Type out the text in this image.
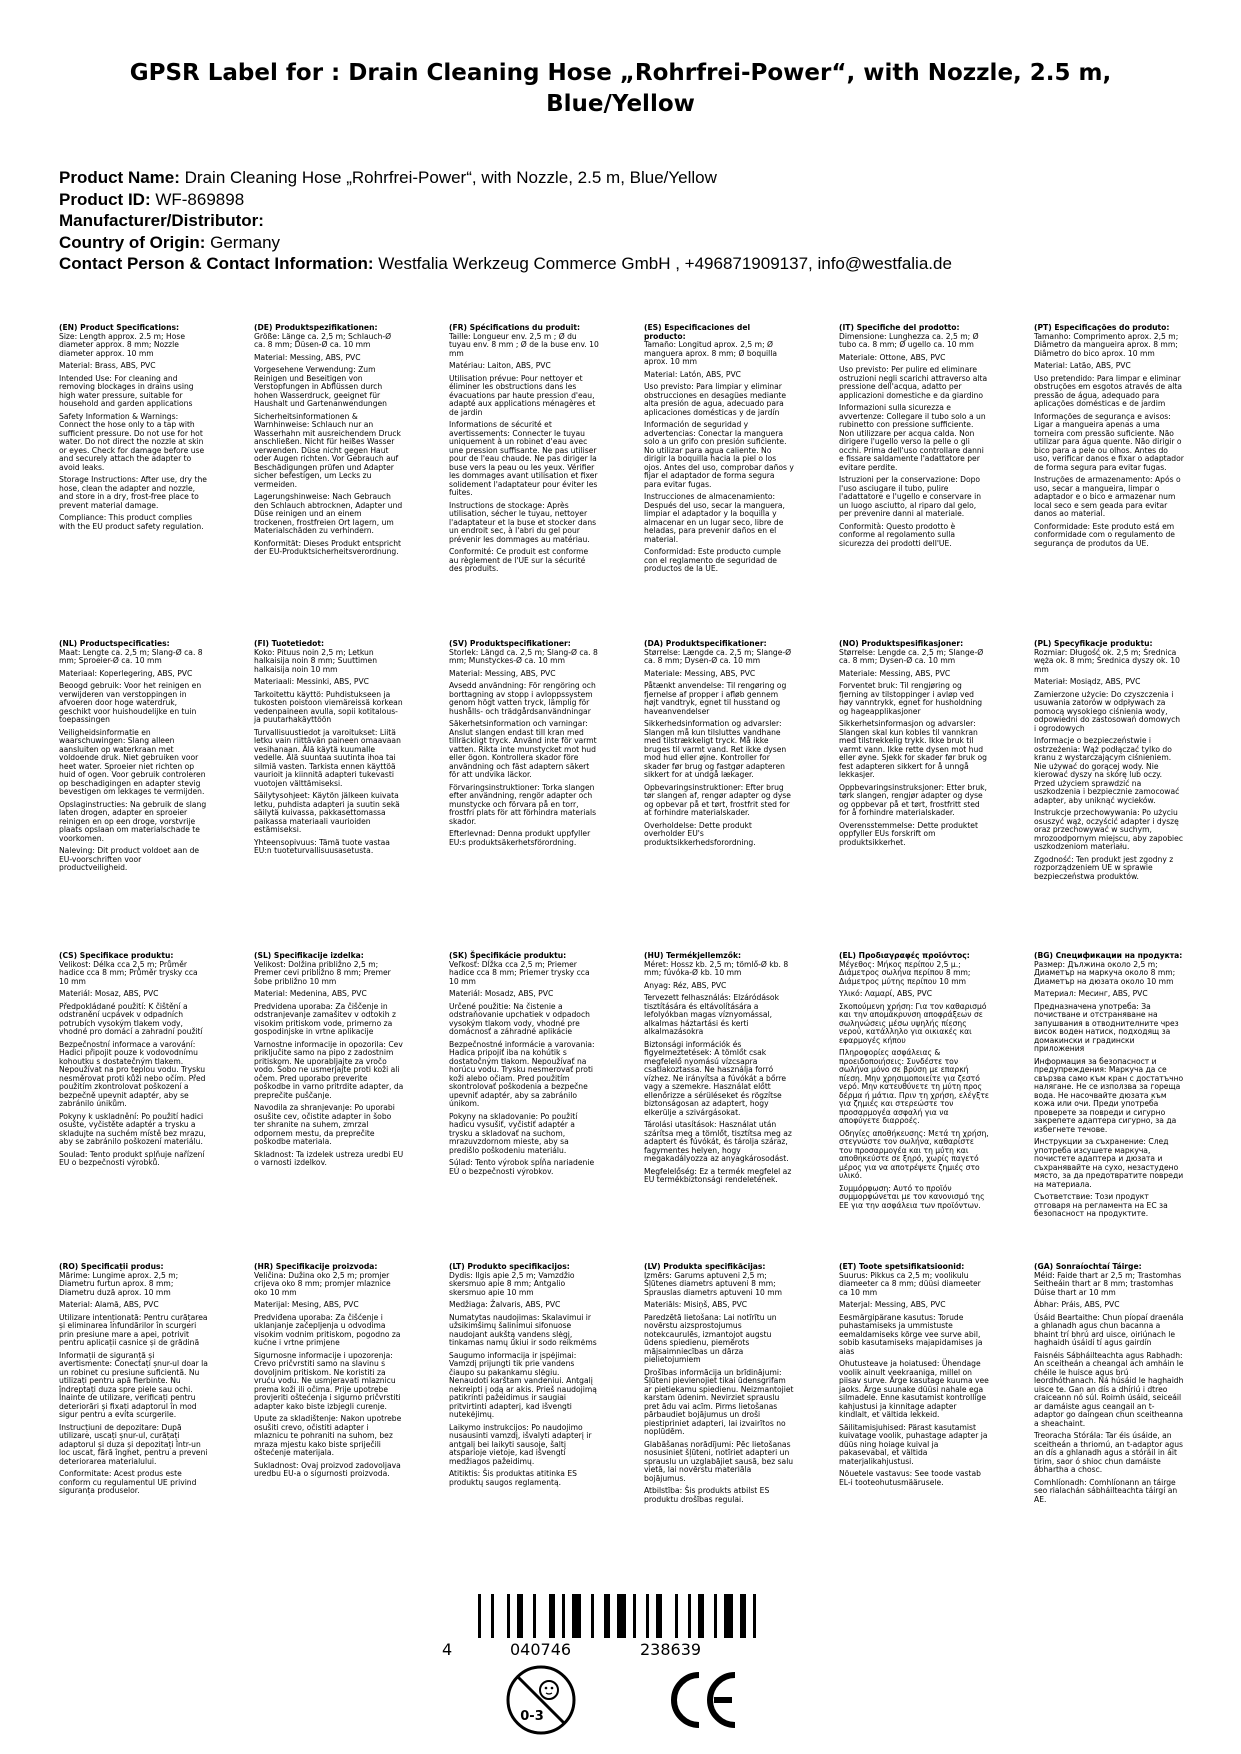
GPSR Label for : Drain Cleaning Hose „Rohrfrei-Power“, with Nozzle, 2.5 m, Blue/Yellow
Product Name: Drain Cleaning Hose „Rohrfrei-Power“, with Nozzle, 2.5 m, Blue/Yellow
Product ID: WF-869898
Manufacturer/Distributor:
Country of Origin: Germany
Contact Person & Contact Information: Westfalia Werkzeug Commerce GmbH , +496871909137, info@westfalia.de
(EN) Product Specifications:

Size: Length approx. 2.5 m; Hose diameter approx. 8 mm; Nozzle diameter approx. 10 mm

Material: Brass, ABS, PVC

Intended Use: For cleaning and removing blockages in drains using high water pressure, suitable for household and garden applications

Safety Information & Warnings: Connect the hose only to a tap with sufficient pressure. Do not use for hot water. Do not direct the nozzle at skin or eyes. Check for damage before use and securely attach the adapter to avoid leaks.

Storage Instructions: After use, dry the hose, clean the adapter and nozzle, and store in a dry, frost-free place to prevent material damage.

Compliance: This product complies with the EU product safety regulation.

(DE) Produktspezifikationen:

Größe: Länge ca. 2,5 m; Schlauch-Ø ca. 8 mm; Düsen-Ø ca. 10 mm

Material: Messing, ABS, PVC

Vorgesehene Verwendung: Zum Reinigen und Beseitigen von Verstopfungen in Abflüssen durch hohen Wasserdruck, geeignet für Haushalt und Gartenanwendungen

Sicherheitsinformationen & Warnhinweise: Schlauch nur an Wasserhahn mit ausreichendem Druck anschließen. Nicht für heißes Wasser verwenden. Düse nicht gegen Haut oder Augen richten. Vor Gebrauch auf Beschädigungen prüfen und Adapter sicher befestigen, um Lecks zu vermeiden.

Lagerungshinweise: Nach Gebrauch den Schlauch abtrocknen, Adapter und Düse reinigen und an einem trockenen, frostfreien Ort lagern, um Materialschäden zu verhindern.

Konformität: Dieses Produkt entspricht der EU-Produktsicherheitsverordnung.

(FR) Spécifications du produit:

Taille: Longueur env. 2,5 m ; Ø du tuyau env. 8 mm ; Ø de la buse env. 10 mm

Matériau: Laiton, ABS, PVC

Utilisation prévue: Pour nettoyer et éliminer les obstructions dans les évacuations par haute pression d'eau, adapté aux applications ménagères et de jardin

Informations de sécurité et avertissements: Connecter le tuyau uniquement à un robinet d'eau avec une pression suffisante. Ne pas utiliser pour de l'eau chaude. Ne pas diriger la buse vers la peau ou les yeux. Vérifier les dommages avant utilisation et fixer solidement l'adaptateur pour éviter les fuites.

Instructions de stockage: Après utilisation, sécher le tuyau, nettoyer l'adaptateur et la buse et stocker dans un endroit sec, à l'abri du gel pour prévenir les dommages au matériau.

Conformité: Ce produit est conforme au règlement de l'UE sur la sécurité des produits.

(ES) Especificaciones del producto:

Tamaño: Longitud aprox. 2,5 m; Ø manguera aprox. 8 mm; Ø boquilla aprox. 10 mm

Material: Latón, ABS, PVC

Uso previsto: Para limpiar y eliminar obstrucciones en desagües mediante alta presión de agua, adecuado para aplicaciones domésticas y de jardín

Información de seguridad y advertencias: Conectar la manguera solo a un grifo con presión suficiente. No utilizar para agua caliente. No dirigir la boquilla hacia la piel o los ojos. Antes del uso, comprobar daños y fijar el adaptador de forma segura para evitar fugas.

Instrucciones de almacenamiento: Después del uso, secar la manguera, limpiar el adaptador y la boquilla y almacenar en un lugar seco, libre de heladas, para prevenir daños en el material.

Conformidad: Este producto cumple con el reglamento de seguridad de productos de la UE.

(IT) Specifiche del prodotto:

Dimensione: Lunghezza ca. 2,5 m; Ø tubo ca. 8 mm; Ø ugello ca. 10 mm

Materiale: Ottone, ABS, PVC

Uso previsto: Per pulire ed eliminare ostruzioni negli scarichi attraverso alta pressione dell'acqua, adatto per applicazioni domestiche e da giardino

Informazioni sulla sicurezza e avvertenze: Collegare il tubo solo a un rubinetto con pressione sufficiente. Non utilizzare per acqua calda. Non dirigere l'ugello verso la pelle o gli occhi. Prima dell'uso controllare danni e fissare saldamente l'adattatore per evitare perdite.

Istruzioni per la conservazione: Dopo l'uso asciugare il tubo, pulire l'adattatore e l'ugello e conservare in un luogo asciutto, al riparo dal gelo, per prevenire danni al materiale.

Conformità: Questo prodotto è conforme al regolamento sulla sicurezza dei prodotti dell'UE.

(PT) Especificações do produto:

Tamanho: Comprimento aprox. 2,5 m; Diâmetro da mangueira aprox. 8 mm; Diâmetro do bico aprox. 10 mm

Material: Latão, ABS, PVC

Uso pretendido: Para limpar e eliminar obstruções em esgotos através de alta pressão de água, adequado para aplicações domésticas e de jardim

Informações de segurança e avisos: Ligar a mangueira apenas a uma torneira com pressão suficiente. Não utilizar para água quente. Não dirigir o bico para a pele ou olhos. Antes do uso, verificar danos e fixar o adaptador de forma segura para evitar fugas.

Instruções de armazenamento: Após o uso, secar a mangueira, limpar o adaptador e o bico e armazenar num local seco e sem geada para evitar danos ao material.

Conformidade: Este produto está em conformidade com o regulamento de segurança de produtos da UE.

(NL) Productspecificaties:

Maat: Lengte ca. 2,5 m; Slang-Ø ca. 8 mm; Sproeier-Ø ca. 10 mm

Materiaal: Koperlegering, ABS, PVC

Beoogd gebruik: Voor het reinigen en verwijderen van verstoppingen in afvoeren door hoge waterdruk, geschikt voor huishoudelijke en tuin toepassingen

Veiligheidsinformatie en waarschuwingen: Slang alleen aansluiten op waterkraan met voldoende druk. Niet gebruiken voor heet water. Sproeier niet richten op huid of ogen. Voor gebruik controleren op beschadigingen en adapter stevig bevestigen om lekkages te vermijden.

Opslaginstructies: Na gebruik de slang laten drogen, adapter en sproeier reinigen en op een droge, vorstvrije plaats opslaan om materialschade te voorkomen.

Naleving: Dit product voldoet aan de EU-voorschriften voor productveiligheid.

(FI) Tuotetiedot:

Koko: Pituus noin 2,5 m; Letkun halkaisija noin 8 mm; Suuttimen halkaisija noin 10 mm

Materiaali: Messinki, ABS, PVC

Tarkoitettu käyttö: Puhdistukseen ja tukosten poistoon viemäreissä korkean vedenpaineen avulla, sopii kotitalous- ja puutarhakäyttöön

Turvallisuustiedot ja varoitukset: Liitä letku vain riittävän paineen omaavaan vesihanaan. Älä käytä kuumalle vedelle. Älä suuntaa suutinta ihoa tai silmiä vasten. Tarkista ennen käyttöä vaurioit ja kiinnitä adapteri tukevasti vuotojen välttämiseksi.

Säilytysohjeet: Käytön jälkeen kuivata letku, puhdista adapteri ja suutin sekä säilytä kuivassa, pakkasettomassa paikassa materiaali vaurioiden estämiseksi.

Yhteensopivuus: Tämä tuote vastaa EU:n tuoteturvallisuusasetusta.

(SV) Produktspecifikationer:

Storlek: Längd ca. 2,5 m; Slang-Ø ca. 8 mm; Munstyckes-Ø ca. 10 mm

Material: Messing, ABS, PVC

Avsedd användning: För rengöring och borttagning av stopp i avloppssystem genom högt vatten tryck, lämplig för hushålls- och trädgårdsanvändningar

Säkerhetsinformation och varningar: Anslut slangen endast till kran med tillräckligt tryck. Använd inte för varmt vatten. Rikta inte munstycket mot hud eller ögon. Kontrollera skador före användning och fäst adaptern säkert för att undvika läckor.

Förvaringsinstruktioner: Torka slangen efter användning, rengör adapter och munstycke och förvara på en torr, frostfri plats för att förhindra materials skador.

Efterlevnad: Denna produkt uppfyller EU:s produktsäkerhetsförordning.

(DA) Produktspecifikationer:

Størrelse: Længde ca. 2,5 m; Slange-Ø ca. 8 mm; Dysen-Ø ca. 10 mm

Materiale: Messing, ABS, PVC

Påtænkt anvendelse: Til rengøring og fjernelse af propper i afløb gennem højt vandtryk, egnet til husstand og haveanvendelser

Sikkerhedsinformation og advarsler: Slangen må kun tilsluttes vandhane med tilstrækkeligt tryck. Må ikke bruges til varmt vand. Ret ikke dysen mod hud eller øjne. Kontroller for skader før brug og fastgør adapteren sikkert for at undgå lækager.

Opbevaringsinstruktioner: Efter brug tør slangen af, rengør adapter og dyse og opbevar på et tørt, frostfrit sted for at forhindre materialskader.

Overholdelse: Dette produkt overholder EU's produktsikkerhedsforordning.

(NO) Produktspesifikasjoner:

Størrelse: Lengde ca. 2,5 m; Slange-Ø ca. 8 mm; Dysen-Ø ca. 10 mm

Materiale: Messing, ABS, PVC

Forventet bruk: Til rengjøring og fjerning av tilstoppinger i avløp ved høy vanntrykk, egnet for husholdning og hageapplikasjoner

Sikkerhetsinformasjon og advarsler: Slangen skal kun kobles til vannkran med tilstrekkelig trykk. Ikke bruk til varmt vann. Ikke rette dysen mot hud eller øyne. Sjekk for skader før bruk og fest adapteren sikkert for å unngå lekkasjer.

Oppbevaringsinstruksjoner: Etter bruk, tørk slangen, rengjør adapter og dyse og oppbevar på et tørt, frostfritt sted for å forhindre materialskader.

Overensstemmelse: Dette produktet oppfyller EUs forskrift om produktsikkerhet.

(PL) Specyfikacje produktu:

Rozmiar: Długość ok. 2,5 m; Średnica węża ok. 8 mm; Średnica dyszy ok. 10 mm

Materiał: Mosiądz, ABS, PVC

Zamierzone użycie: Do czyszczenia i usuwania zatorów w odpływach za pomocą wysokiego ciśnienia wody, odpowiedni do zastosowań domowych i ogrodowych

Informacje o bezpieczeństwie i ostrzeżenia: Wąż podłączać tylko do kranu z wystarczającym ciśnieniem. Nie używać do gorącej wody. Nie kierować dyszy na skórę lub oczy. Przed użyciem sprawdzić na uszkodzenia i bezpiecznie zamocować adapter, aby uniknąć wycieków.

Instrukcje przechowywania: Po użyciu osuszyć wąż, oczyścić adapter i dyszę oraz przechowywać w suchym, mrozoodpornym miejscu, aby zapobiec uszkodzeniom materiału.

Zgodność: Ten produkt jest zgodny z rozporządzeniem UE w sprawie bezpieczeństwa produktów.

(CS) Specifikace produktu:

Velikost: Délka cca 2,5 m; Průměr hadice cca 8 mm; Průměr trysky cca 10 mm

Materiál: Mosaz, ABS, PVC

Předpokládané použití: K čištění a odstranění ucpávek v odpadních potrubích vysokým tlakem vody, vhodné pro domácí a zahradní použití

Bezpečnostní informace a varování: Hadici připojit pouze k vodovodnímu kohoutku s dostatečným tlakem. Nepoužívat na pro teplou vodu. Trysku nesměrovat proti kůži nebo očím. Před použitím zkontrolovat poškození a bezpečně upevnit adaptér, aby se zabránilo únikům.

Pokyny k uskladnění: Po použití hadici osušte, vyčistěte adaptér a trysku a skladujte na suchém místě bez mrazu, aby se zabránilo poškození materiálu.

Soulad: Tento produkt splňuje nařízení EU o bezpečnosti výrobků.

(SL) Specifikacije izdelka:

Velikost: Dolžina približno 2,5 m; Premer cevi približno 8 mm; Premer šobe približno 10 mm

Material: Medenina, ABS, PVC

Predvidena uporaba: Za čiščenje in odstranjevanje zamašitev v odtokih z visokim pritiskom vode, primerno za gospodinjske in vrtne aplikacije

Varnostne informacije in opozorila: Cev priključite samo na pipo z zadostnim pritiskom. Ne uporabljajte za vročo vodo. Šobo ne usmerjajte proti koži ali očem. Pred uporabo preverite poškodbe in varno pritrdite adapter, da preprečite puščanje.

Navodila za shranjevanje: Po uporabi osušite cev, očistite adapter in šobo ter shranite na suhem, zmrzal odpornem mestu, da preprečite poškodbe materiala.

Skladnost: Ta izdelek ustreza uredbi EU o varnosti izdelkov.

(SK) Špecifikácie produktu:

Veľkosť: Dĺžka cca 2,5 m; Priemer hadice cca 8 mm; Priemer trysky cca 10 mm

Materiál: Mosadz, ABS, PVC

Určené použitie: Na čistenie a odstraňovanie upchatiek v odpadoch vysokým tlakom vody, vhodné pre domácnosť a záhradné aplikácie

Bezpečnostné informácie a varovania: Hadica pripojiť iba na kohútik s dostatočným tlakom. Nepoužívať na horúcu vodu. Trysku nesmerovať proti koži alebo očiam. Pred použitím skontrolovať poškodenia a bezpečne upevniť adaptér, aby sa zabránilo únikom.

Pokyny na skladovanie: Po použití hadicu vysušiť, vyčistiť adaptér a trysku a skladovať na suchom, mrazuvzdornom mieste, aby sa predišlo poškodeniu materiálu.

Súlad: Tento výrobok spĺňa nariadenie EÚ o bezpečnosti výrobkov.

(HU) Termékjellemzők:

Méret: Hossz kb. 2,5 m; tömlő-Ø kb. 8 mm; fúvóka-Ø kb. 10 mm

Anyag: Réz, ABS, PVC

Tervezett felhasználás: Elzáródások tisztítására és eltávolítására a lefolyókban magas víznyomással, alkalmas háztartási és kerti alkalmazásokra

Biztonsági információk és figyelmeztetések: A tömlőt csak megfelelő nyomású vízcsapra csatlakoztassa. Ne használja forró vízhez. Ne irányítsa a fúvókát a bőrre vagy a szemekre. Használat előtt ellenőrizze a sérüléseket és rögzítse biztonságosan az adaptert, hogy elkerülje a szivárgásokat.

Tárolási utasítások: Használat után szárítsa meg a tömlőt, tisztítsa meg az adaptert és fúvókát, és tárolja száraz, fagymentes helyen, hogy megakadályozza az anyagkárosodást.

Megfelelőség: Ez a termék megfelel az EU termékbiztonsági rendeletének.

(EL) Προδιαγραφές προϊόντος:

Μέγεθος: Μήκος περίπου 2,5 μ.; Διάμετρος σωλήνα περίπου 8 mm; Διάμετρος μύτης περίπου 10 mm

Υλικό: Λαμαρί, ABS, PVC

Σκοπούμενη χρήση: Για τον καθαρισμό και την απομάκρυνση αποφράξεων σε σωληνώσεις μέσω υψηλής πίεσης νερού, κατάλληλο για οικιακές και εφαρμογές κήπου

Πληροφορίες ασφάλειας & προειδοποιήσεις: Συνδέστε τον σωλήνα μόνο σε βρύση με επαρκή πίεση. Μην χρησιμοποιείτε για ζεστό νερό. Μην κατευθύνετε τη μύτη προς δέρμα ή μάτια. Πριν τη χρήση, ελέγξτε για ζημιές και στερεώστε τον προσαρμογέα ασφαλή για να αποφύγετε διαρροές.

Οδηγίες αποθήκευσης: Μετά τη χρήση, στεγνώστε τον σωλήνα, καθαρίστε τον προσαρμογέα και τη μύτη και αποθηκεύστε σε ξηρό, χωρίς παγετό μέρος για να αποτρέψετε ζημιές στο υλικό.

Συμμόρφωση: Αυτό το προϊόν συμμορφώνεται με τον κανονισμό της ΕΕ για την ασφάλεια των προϊόντων.

(BG) Спецификации на продукта:

Размер: Дължина около 2,5 m; Диаметър на маркуча около 8 mm; Диаметър на дюзата около 10 mm

Материал: Месинг, ABS, PVC

Предназначена употреба: За почистване и отстраняване на запушвания в отводнителните чрез висок воден натиск, подходящ за домакински и градински приложения

Информация за безопасност и предупреждения: Маркуча да се свързва само към кран с достатъчно налягане. Не се използва за гореща вода. Не насочвайте дюзата към кожа или очи. Преди употреба проверете за повреди и сигурно закрепете адаптера сигурно, за да избегнете течове.

Инструкции за съхранение: След употреба изсушете маркуча, почистете адаптера и дюзата и съхранявайте на сухо, незастудено място, за да предотвратите повреди на материала.

Съответствие: Този продукт отговаря на регламента на ЕС за безопасност на продуктите.

(RO) Specificații produs:

Mărime: Lungime aprox. 2,5 m; Diametru furtun aprox. 8 mm; Diametru duză aprox. 10 mm

Material: Alamă, ABS, PVC

Utilizare intenționată: Pentru curățarea și eliminarea înfundărilor în scurgeri prin presiune mare a apei, potrivit pentru aplicații casnice și de grădină

Informații de siguranță și avertismente: Conectați șnur-ul doar la un robinet cu presiune suficientă. Nu utilizați pentru apă fierbinte. Nu îndreptați duza spre piele sau ochi. Înainte de utilizare, verificați pentru deteriorări și fixați adaptorul în mod sigur pentru a evita scurgerile.

Instrucțiuni de depozitare: După utilizare, uscați șnur-ul, curățați adaptorul și duza și depozitați într-un loc uscat, fără înghet, pentru a preveni deteriorarea materialului.

Conformitate: Acest produs este conform cu regulamentul UE privind siguranța produselor.

(HR) Specifikacije proizvoda:

Veličina: Dužina oko 2,5 m; promjer crijeva oko 8 mm; promjer mlaznice oko 10 mm

Materijal: Mesing, ABS, PVC

Predviđena uporaba: Za čišćenje i uklanjanje začepljenja u odvodima visokim vodnim pritiskom, pogodno za kućne i vrtne primjene

Sigurnosne informacije i upozorenja: Crevo pričvrstiti samo na slavinu s dovoljnim pritiskom. Ne koristiti za vruću vodu. Ne usmjeravati mlaznicu prema koži ili očima. Prije upotrebe provjeriti oštećenja i sigurno pričvrstiti adapter kako biste izbjegli curenje.

Upute za skladištenje: Nakon upotrebe osušiti crevo, očistiti adapter i mlaznicu te pohraniti na suhom, bez mraza mjestu kako biste spriječili oštećenje materijala.

Sukladnost: Ovaj proizvod zadovoljava uredbu EU-a o sigurnosti proizvoda.

(LT) Produkto specifikacijos:

Dydis: Ilgis apie 2,5 m; Vamzdžio skersmuo apie 8 mm; Antgalio skersmuo apie 10 mm

Medžiaga: Žalvaris, ABS, PVC

Numatytas naudojimas: Skalavimui ir užsikimšimų šalinimui sifonuose naudojant aukštą vandens slėgį, tinkamas namų ūkiui ir sodo reikmėms

Saugumo informacija ir įspėjimai: Vamzdį prijungti tik prie vandens čiaupo su pakankamu slėgiu. Nenaudoti karštam vandeniui. Antgalį nekreipti į odą ar akis. Prieš naudojimą patikrinti pažeidimus ir saugiai pritvirtinti adapterį, kad išvengti nutekėjimų.

Laikymo instrukcijos: Po naudojimo nusausinti vamzdį, išvalyti adapterį ir antgalį bei laikyti sausoje, šaltį atsparioje vietoje, kad išvengti medžiagos pažeidimų.

Atitiktis: Šis produktas atitinka ES produktų saugos reglamentą.

(LV) Produkta specifikācijas:

Izmērs: Garums aptuveni 2,5 m; Šļūtenes diametrs aptuveni 8 mm; Sprauslas diametrs aptuveni 10 mm

Materiāls: Misiņš, ABS, PVC

Paredzētā lietošana: Lai notīrītu un novērstu aizsprostojumus notekcaurulēs, izmantojot augstu ūdens spiedienu, piemērots mājsaimniecības un dārza pielietojumiem

Drošības informācija un brīdinājumi: Šļūteni pievienojiet tikai ūdensgrifam ar pietiekamu spiedienu. Neizmantojiet karstam ūdenim. Nevirziet sprauslu pret ādu vai acīm. Pirms lietošanas pārbaudiet bojājumus un droši piestipriniet adapteri, lai izvairītos no noplūdēm.

Glabāšanas norādījumi: Pēc lietošanas nosusiniet šļūteni, notīriet adapteri un sprauslu un uzglabājiet sausā, bez salu vietā, lai novērstu materiāla bojājumus.

Atbilstība: Šis produkts atbilst ES produktu drošības regulai.

(ET) Toote spetsifikatsioonid:

Suurus: Pikkus ca 2,5 m; voolikulu diameeter ca 8 mm; düüsi diameeter ca 10 mm

Materjal: Messing, ABS, PVC

Eesmärgipärane kasutus: Torude puhastamiseks ja ummistuste eemaldamiseks kõrge vee surve abil, sobib kasutamiseks majapidamises ja aias

Ohutusteave ja hoiatused: Ühendage voolik ainult veekraaniga, millel on piisav surve. Ärge kasutage kuuma vee jaoks. Ärge suunake düüsi nahale ega silmadele. Enne kasutamist kontrollige kahjustusi ja kinnitage adapter kindlalt, et vältida lekkeid.

Säilitamisjuhised: Pärast kasutamist kuivatage voolik, puhastage adapter ja düüs ning hoiage kuival ja pakasevabal, et vältida materjalikahjustusi.

Nõuetele vastavus: See toode vastab EL-i tooteohutusmäärusele.

(GA) Sonraíochtaí Táirge:

Méid: Faide thart ar 2,5 m; Trastomhas Seitheáin thart ar 8 mm; trastomhas Dúise thart ar 10 mm

Ábhar: Práis, ABS, PVC

Úsáid Beartaithe: Chun píopaí draenála a ghlanadh agus chun bacanna a bhaint trí bhrú ard uisce, oiriúnach le haghaidh úsáidí tí agus gairdín

Faisnéis Sábháilteachta agus Rabhadh: An sceitheán a cheangal ach amháin le chéile le huisce agus brú leordhóthanach. Ná húsáid le haghaidh uisce te. Gan an dís a dhíriú i dtreo craiceann nó súl. Roimh úsáid, seiceáil ar damáiste agus ceangail an t-adaptor go daingean chun sceitheanna a sheachaint.

Treoracha Stórála: Tar éis úsáide, an sceitheán a thriomú, an t-adaptor agus an dís a ghlanadh agus a stóráil in áit tirim, saor ó shioc chun damáiste ábhartha a chosc.

Comhlíonadh: Comhlíonann an táirge seo rialachán sábháilteachta táirgí an AE.

4	040746	238639
0-3
